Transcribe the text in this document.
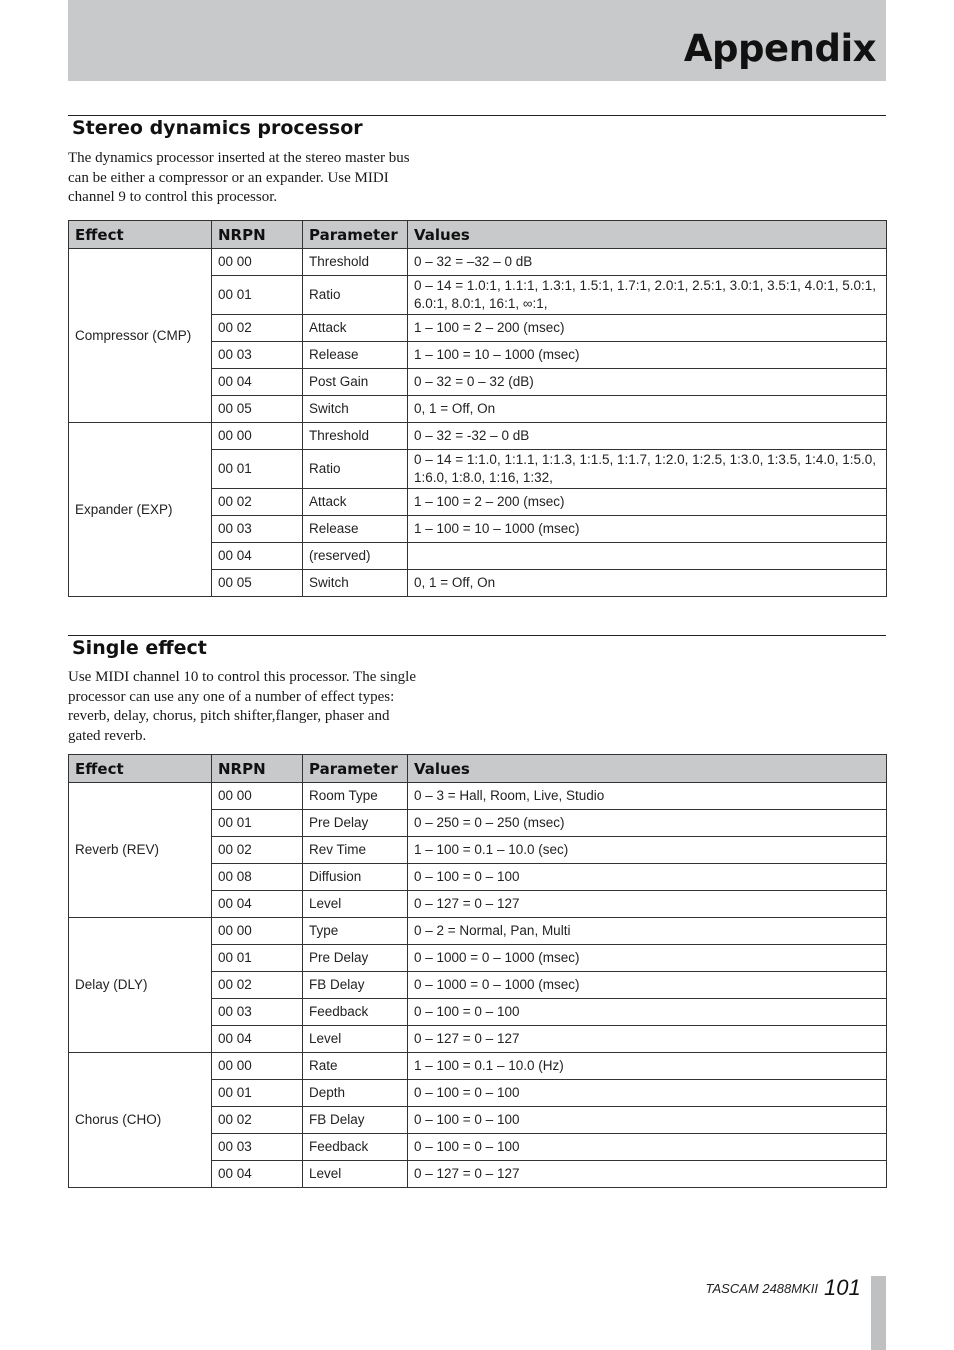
Appendix
Stereo dynamics processor
The dynamics processor inserted at the stereo master bus
can be either a compressor or an expander. Use MIDI
channel 9 to control this processor.
Effect	NRPN	Parameter	Values
Compressor (CMP)	00 00	Threshold	0 – 32 = –32 – 0 dB
	00 01	Ratio	0 – 14 = 1.0:1, 1.1:1, 1.3:1, 1.5:1, 1.7:1, 2.0:1, 2.5:1, 3.0:1, 3.5:1, 4.0:1, 5.0:1, 6.0:1, 8.0:1, 16:1, ∞:1,
	00 02	Attack	1 – 100 = 2 – 200 (msec)
	00 03	Release	1 – 100 = 10 – 1000 (msec)
	00 04	Post Gain	0 – 32 = 0 – 32 (dB)
	00 05	Switch	0, 1 = Off, On
Expander (EXP)	00 00	Threshold	0 – 32 = -32 – 0 dB
	00 01	Ratio	0 – 14 = 1:1.0, 1:1.1, 1:1.3, 1:1.5, 1:1.7, 1:2.0, 1:2.5, 1:3.0, 1:3.5, 1:4.0, 1:5.0, 1:6.0, 1:8.0, 1:16, 1:32,
	00 02	Attack	1 – 100 = 2 – 200 (msec)
	00 03	Release	1 – 100 = 10 – 1000 (msec)
	00 04	(reserved)	
	00 05	Switch	0, 1 = Off, On
Single effect
Use MIDI channel 10 to control this processor. The single
processor can use any one of a number of effect types:
reverb, delay, chorus, pitch shifter,flanger, phaser and
gated reverb.
Effect	NRPN	Parameter	Values
Reverb (REV)	00 00	Room Type	0 – 3 = Hall, Room, Live, Studio
	00 01	Pre Delay	0 – 250 = 0 – 250 (msec)
	00 02	Rev Time	1 – 100 = 0.1 – 10.0 (sec)
	00 08	Diffusion	0 – 100 = 0 – 100
	00 04	Level	0 – 127 = 0 – 127
Delay (DLY)	00 00	Type	0 – 2 = Normal, Pan, Multi
	00 01	Pre Delay	0 – 1000 = 0 – 1000 (msec)
	00 02	FB Delay	0 – 1000 = 0 – 1000 (msec)
	00 03	Feedback	0 – 100 = 0 – 100
	00 04	Level	0 – 127 = 0 – 127
Chorus (CHO)	00 00	Rate	1 – 100 = 0.1 – 10.0 (Hz)
	00 01	Depth	0 – 100 = 0 – 100
	00 02	FB Delay	0 – 100 = 0 – 100
	00 03	Feedback	0 – 100 = 0 – 100
	00 04	Level	0 – 127 = 0 – 127
TASCAM 2488MKII 101
